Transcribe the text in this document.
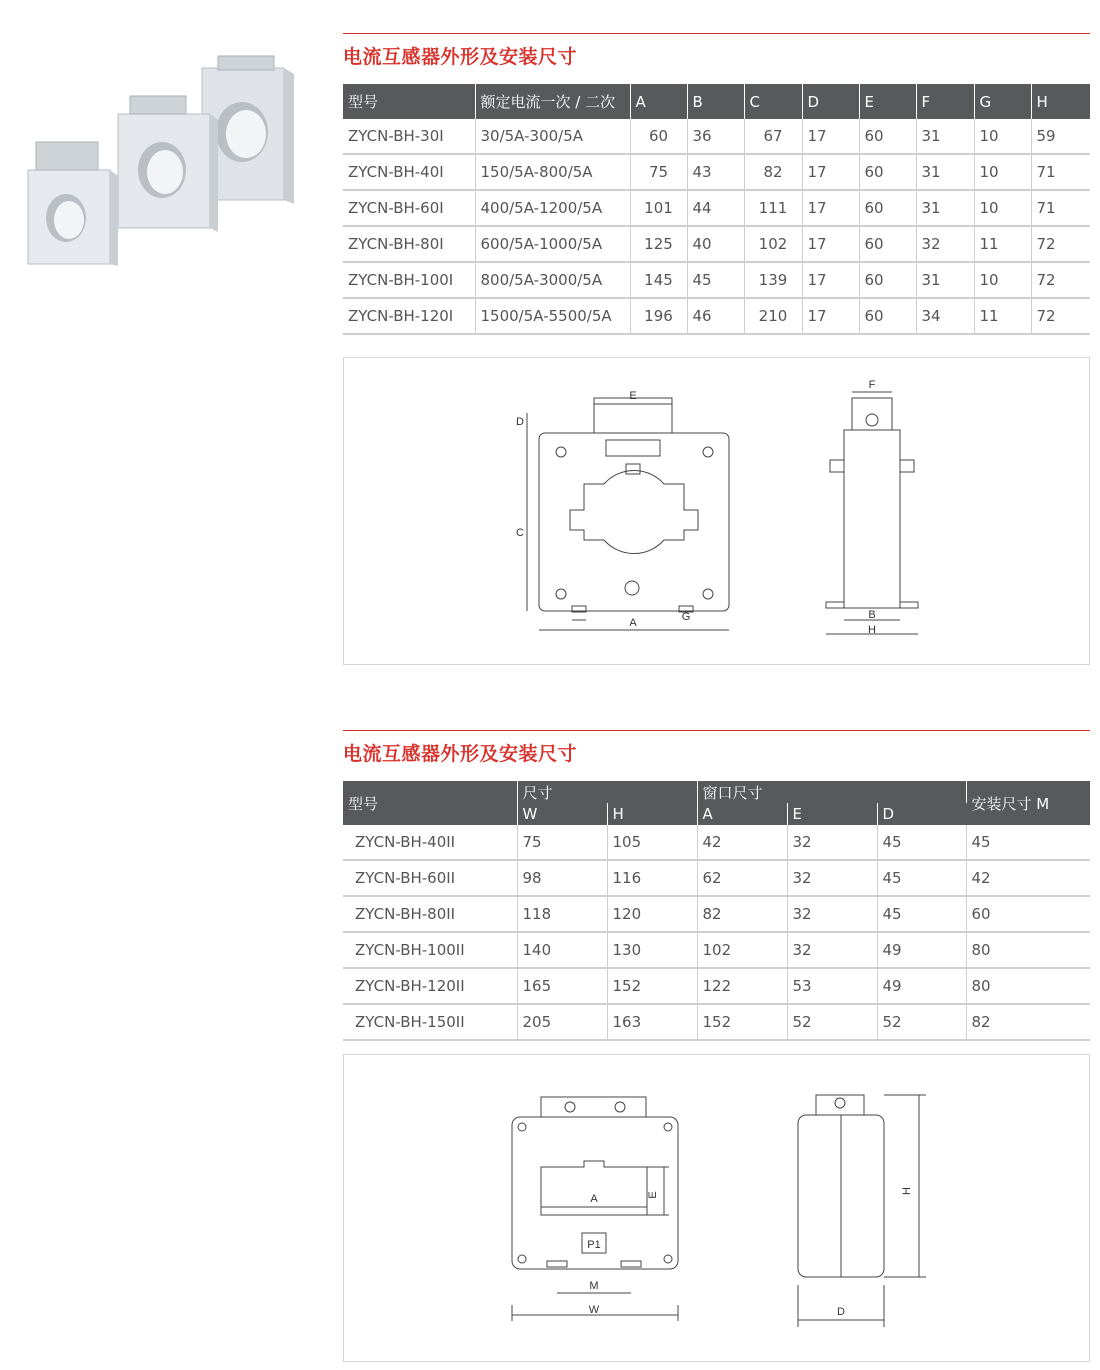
电流互感器外形及安装尺寸
型号	额定电流一次 / 二次	A	B	C	D	E	F	G	H
ZYCN-BH-30I	30/5A-300/5A	60	36	67	17	60	31	10	59
ZYCN-BH-40I	150/5A-800/5A	75	43	82	17	60	31	10	71
ZYCN-BH-60I	400/5A-1200/5A	101	44	111	17	60	31	10	71
ZYCN-BH-80I	600/5A-1000/5A	125	40	102	17	60	32	11	72
ZYCN-BH-100I	800/5A-3000/5A	145	45	139	17	60	31	10	72
ZYCN-BH-120I	1500/5A-5500/5A	196	46	210	17	60	34	11	72
E
D
C
A	G
F
B
H
电流互感器外形及安装尺寸
型号	尺寸		窗口尺寸			安装尺寸 M
	W	H	A	E	D	
ZYCN-BH-40II	75	105	42	32	45	45
ZYCN-BH-60II	98	116	62	32	45	42
ZYCN-BH-80II	118	120	82	32	45	60
ZYCN-BH-100II	140	130	102	32	49	80
ZYCN-BH-120II	165	152	122	53	49	80
ZYCN-BH-150II	205	163	152	52	52	82
A	E
P1
M
W
H
D
